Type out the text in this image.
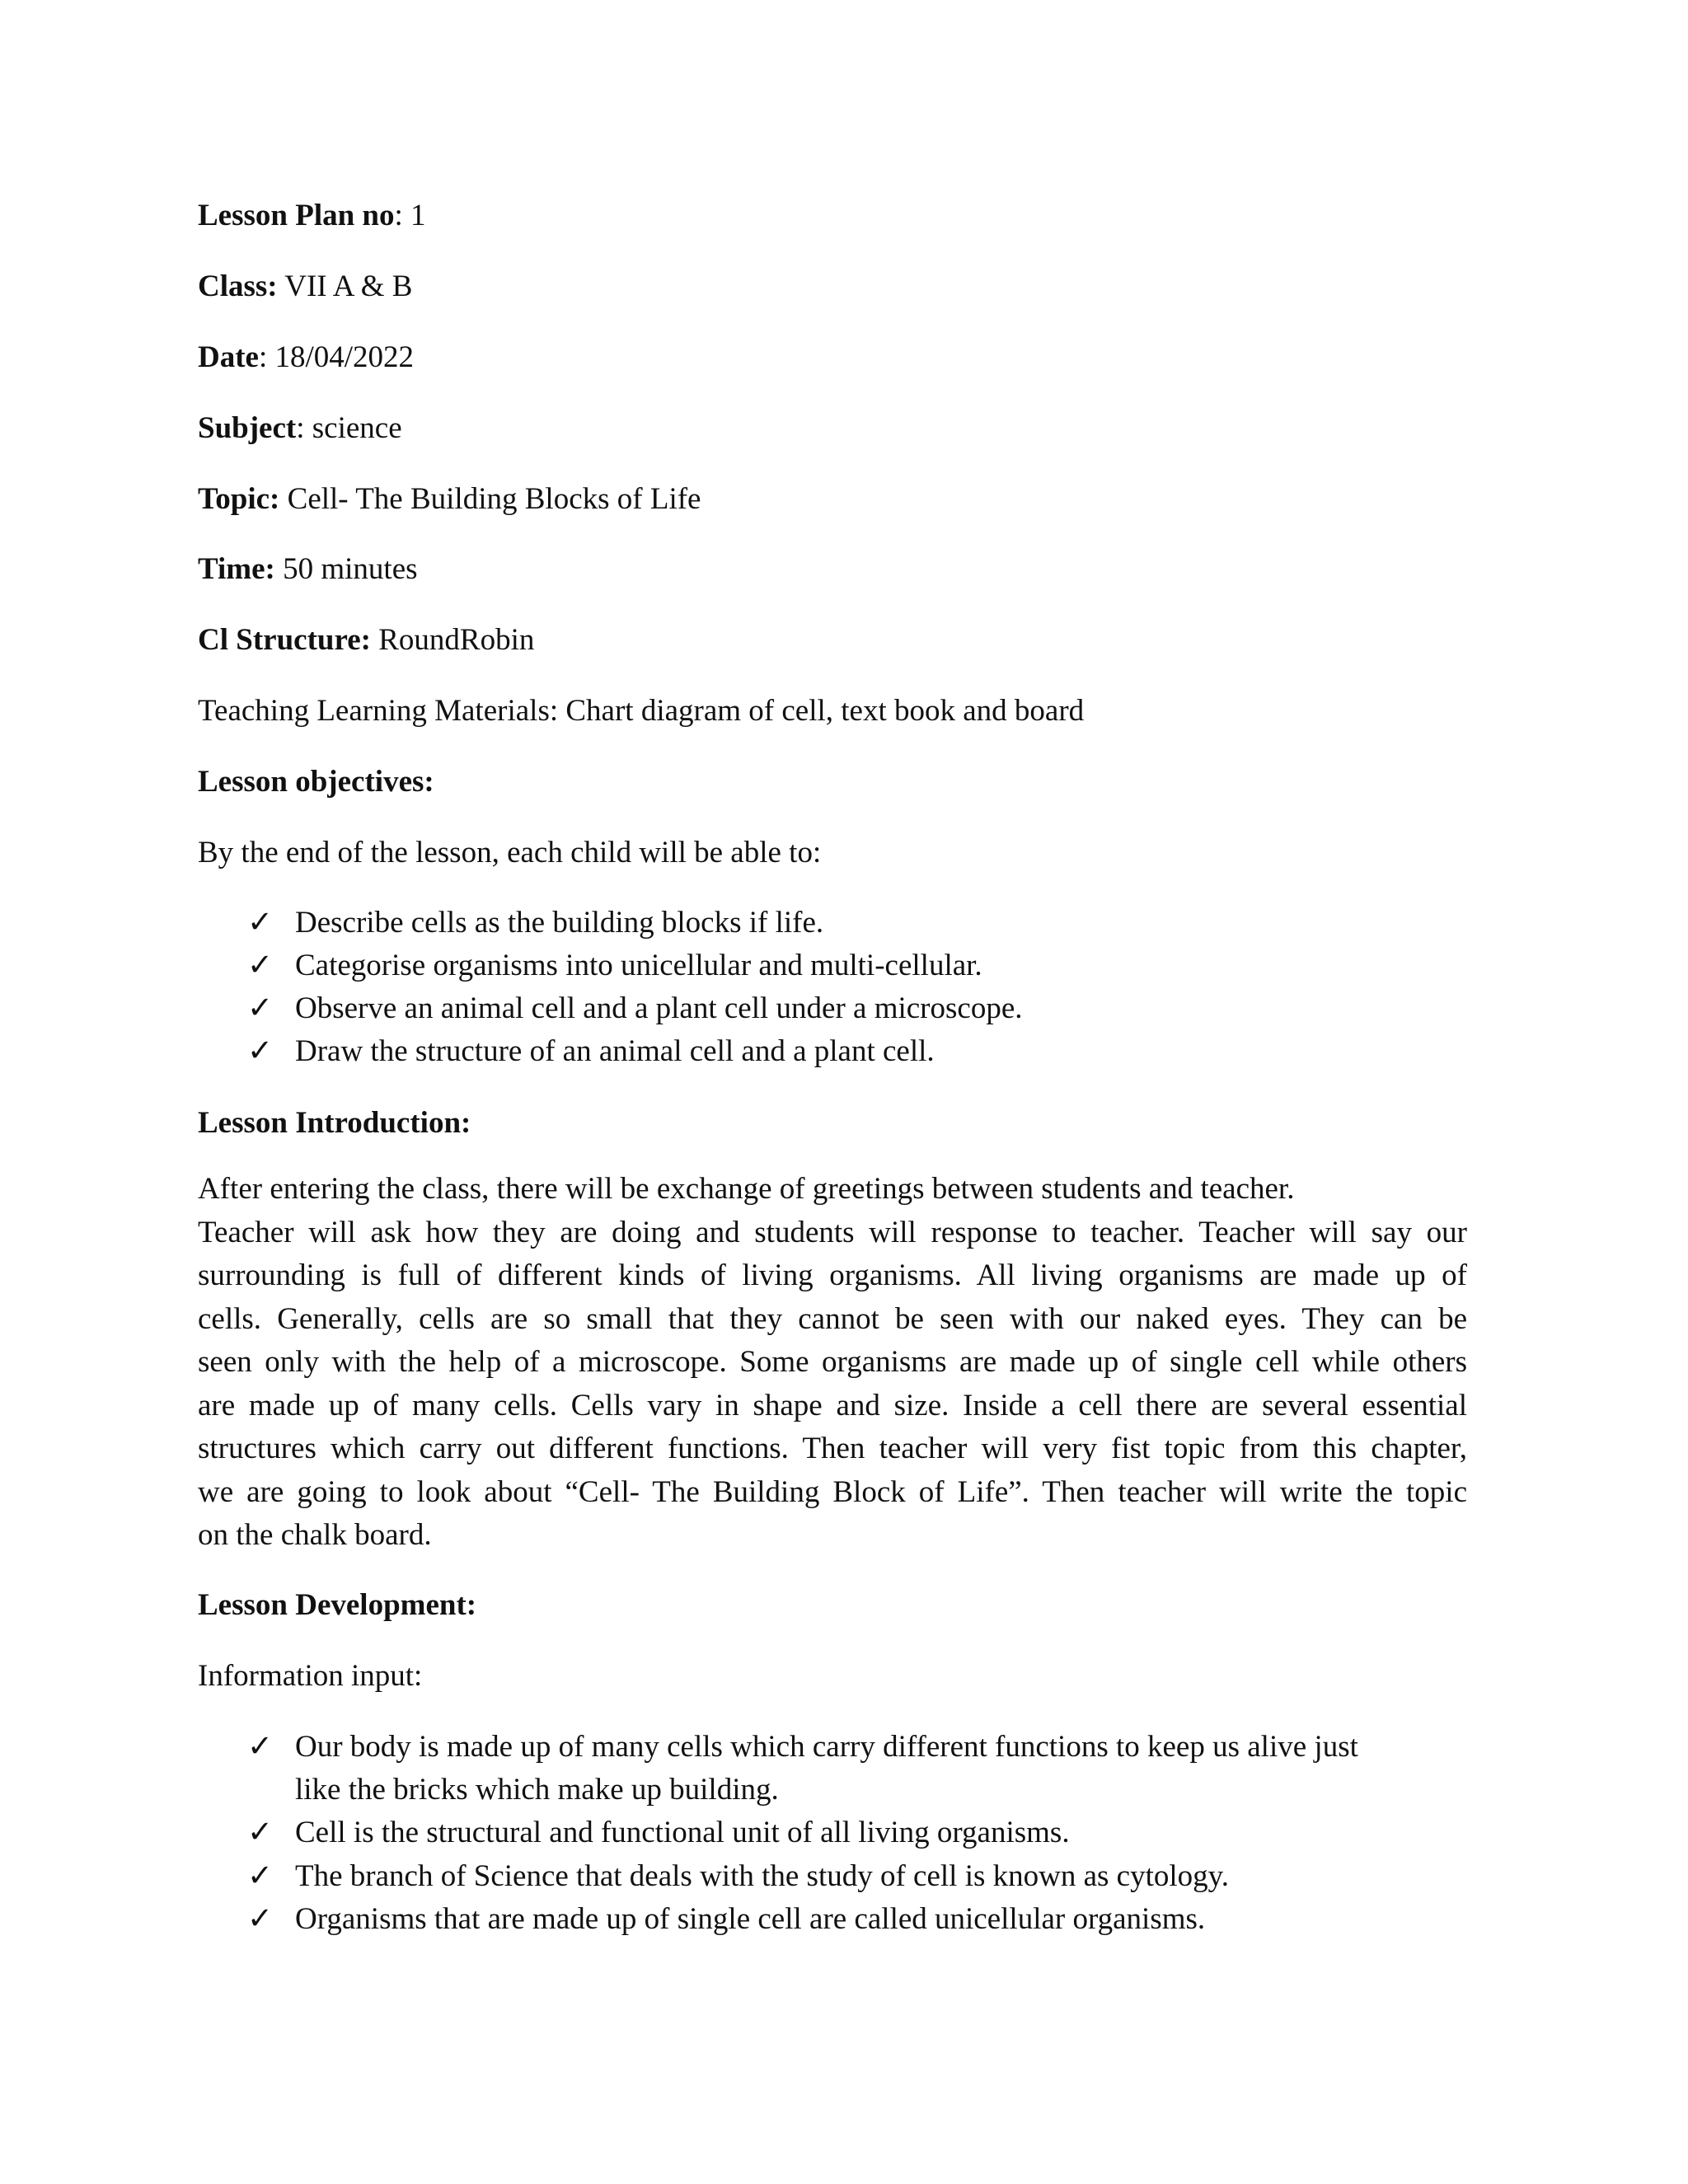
Lesson Plan no: 1
Class: VII A & B
Date: 18/04/2022
Subject: science
Topic: Cell- The Building Blocks of Life
Time: 50 minutes
Cl Structure: RoundRobin
Teaching Learning Materials: Chart diagram of cell, text book and board
Lesson objectives:
By the end of the lesson, each child will be able to:
✓ Describe cells as the building blocks if life.
✓ Categorise organisms into unicellular and multi-cellular.
✓ Observe an animal cell and a plant cell under a microscope.
✓ Draw the structure of an animal cell and a plant cell.
Lesson Introduction:
After entering the class, there will be exchange of greetings between students and teacher.
Teacher will ask how they are doing and students will response to teacher. Teacher will say our
surrounding is full of different kinds of living organisms. All living organisms are made up of
cells. Generally, cells are so small that they cannot be seen with our naked eyes. They can be
seen only with the help of a microscope. Some organisms are made up of single cell while others
are made up of many cells. Cells vary in shape and size. Inside a cell there are several essential
structures which carry out different functions. Then teacher will very fist topic from this chapter,
we are going to look about “Cell- The Building Block of Life”. Then teacher will write the topic
on the chalk board.
Lesson Development:
Information input:
✓ Our body is made up of many cells which carry different functions to keep us alive just
like the bricks which make up building.
✓ Cell is the structural and functional unit of all living organisms.
✓ The branch of Science that deals with the study of cell is known as cytology.
✓ Organisms that are made up of single cell are called unicellular organisms.
